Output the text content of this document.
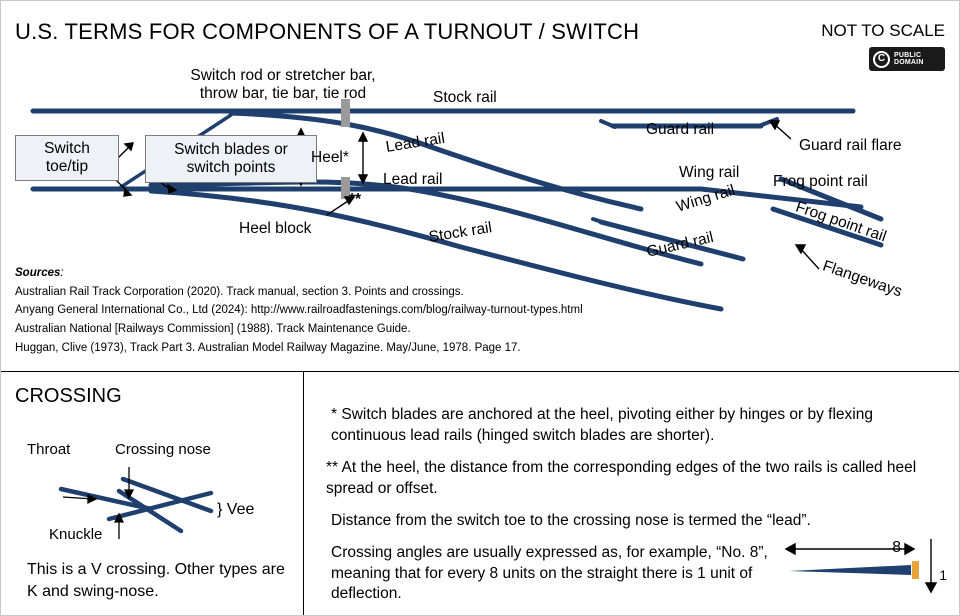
U.S. TERMS FOR COMPONENTS OF A TURNOUT / SWITCH	NOT TO SCALE
C	PUBLIC
DOMAIN
Switch
toe/tip
Switch rod or stretcher bar,
throw bar, tie bar, tie rod
Switch blades or
switch points
Heel*
**
Heel block
Stock rail
Lead rail
Lead rail
Stock rail
Guard rail
Wing rail
Guard rail flare
Frog point rail
Wing rail
Guard rail	Frog point rail
Flangeways
Sources:
Australian Rail Track Corporation (2020). Track manual, section 3. Points and crossings.
Anyang General International Co., Ltd (2024): http://www.railroadfastenings.com/blog/railway-turnout-types.html
Australian National [Railways Commission] (1988). Track Maintenance Guide.
Huggan, Clive (1973), Track Part 3. Australian Model Railway Magazine. May/June, 1978. Page 17.
CROSSING
Throat	Crossing nose
Knuckle
} Vee
This is a V crossing. Other types are K and swing-nose.
* Switch blades are anchored at the heel, pivoting either by hinges or by flexing continuous lead rails (hinged switch blades are shorter).
** At the heel, the distance from the corresponding edges of the two rails is called heel spread or offset.
Distance from the switch toe to the crossing nose is termed the “lead”.
Crossing angles are usually expressed as, for example, “No. 8”, meaning that for every 8 units on the straight there is 1 unit of deflection.
8
1
